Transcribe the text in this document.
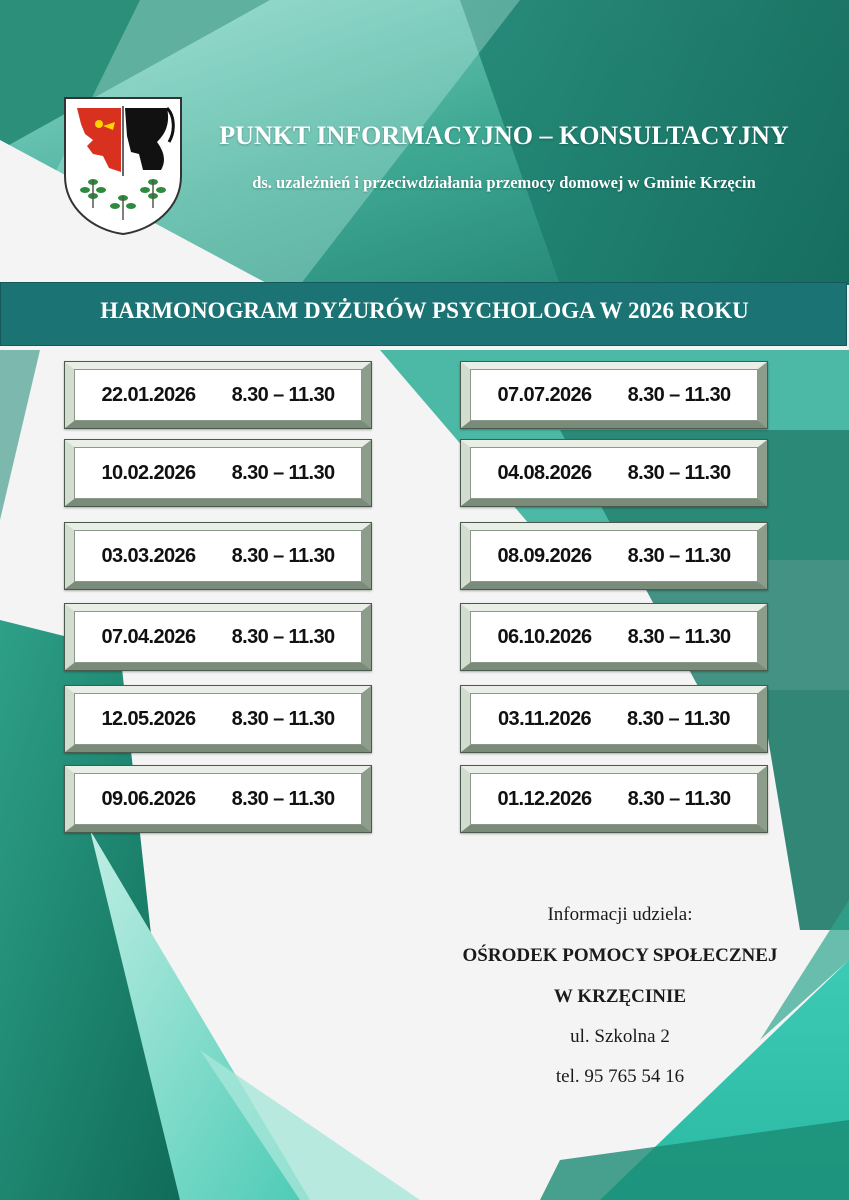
PUNKT INFORMACYJNO – KONSULTACYJNY
ds. uzależnień i przeciwdziałania przemocy domowej w Gminie Krzęcin
HARMONOGRAM DYŻURÓW PSYCHOLOGA W 2026 ROKU
22.01.2026 8.30 – 11.30
10.02.2026 8.30 – 11.30
03.03.2026 8.30 – 11.30
07.04.2026 8.30 – 11.30
12.05.2026 8.30 – 11.30
09.06.2026 8.30 – 11.30
07.07.2026 8.30 – 11.30
04.08.2026 8.30 – 11.30
08.09.2026 8.30 – 11.30
06.10.2026 8.30 – 11.30
03.11.2026 8.30 – 11.30
01.12.2026 8.30 – 11.30
Informacji udziela:
OŚRODEK POMOCY SPOŁECZNEJ
W KRZĘCINIE
ul. Szkolna 2
tel. 95 765 54 16
